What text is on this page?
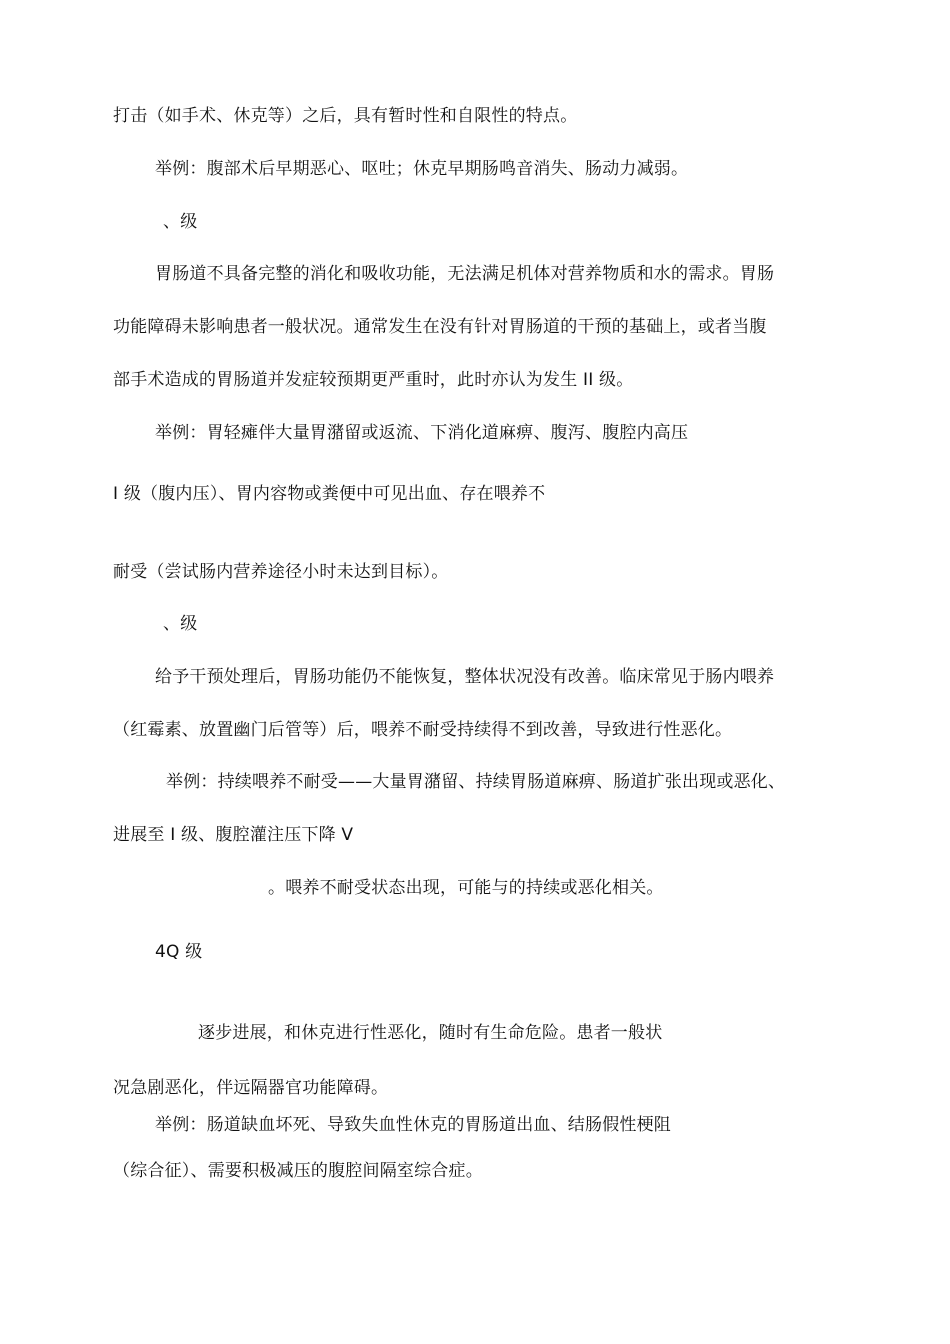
打击（如手术、休克等）之后，具有暂时性和自限性的特点。
举例：腹部术后早期恶心、呕吐；休克早期肠鸣音消失、肠动力减弱。
、级
胃肠道不具备完整的消化和吸收功能，无法满足机体对营养物质和水的需求。胃肠
功能障碍未影响患者一般状况。通常发生在没有针对胃肠道的干预的基础上，或者当腹
部手术造成的胃肠道并发症较预期更严重时，此时亦认为发生 II 级。
举例：胃轻瘫伴大量胃潴留或返流、下消化道麻痹、腹泻、腹腔内高压
I 级（腹内压）、胃内容物或粪便中可见出血、存在喂养不
耐受（尝试肠内营养途径小时未达到目标）。
、级
给予干预处理后，胃肠功能仍不能恢复，整体状况没有改善。临床常见于肠内喂养
（红霉素、放置幽门后管等）后，喂养不耐受持续得不到改善，导致进行性恶化。
举例：持续喂养不耐受——大量胃潴留、持续胃肠道麻痹、肠道扩张出现或恶化、
进展至 I 级、腹腔灌注压下降 V
。喂养不耐受状态出现，可能与的持续或恶化相关。
4Q 级
逐步进展，和休克进行性恶化，随时有生命危险。患者一般状
况急剧恶化，伴远隔器官功能障碍。
举例：肠道缺血坏死、导致失血性休克的胃肠道出血、结肠假性梗阻
（综合征）、需要积极减压的腹腔间隔室综合症。
